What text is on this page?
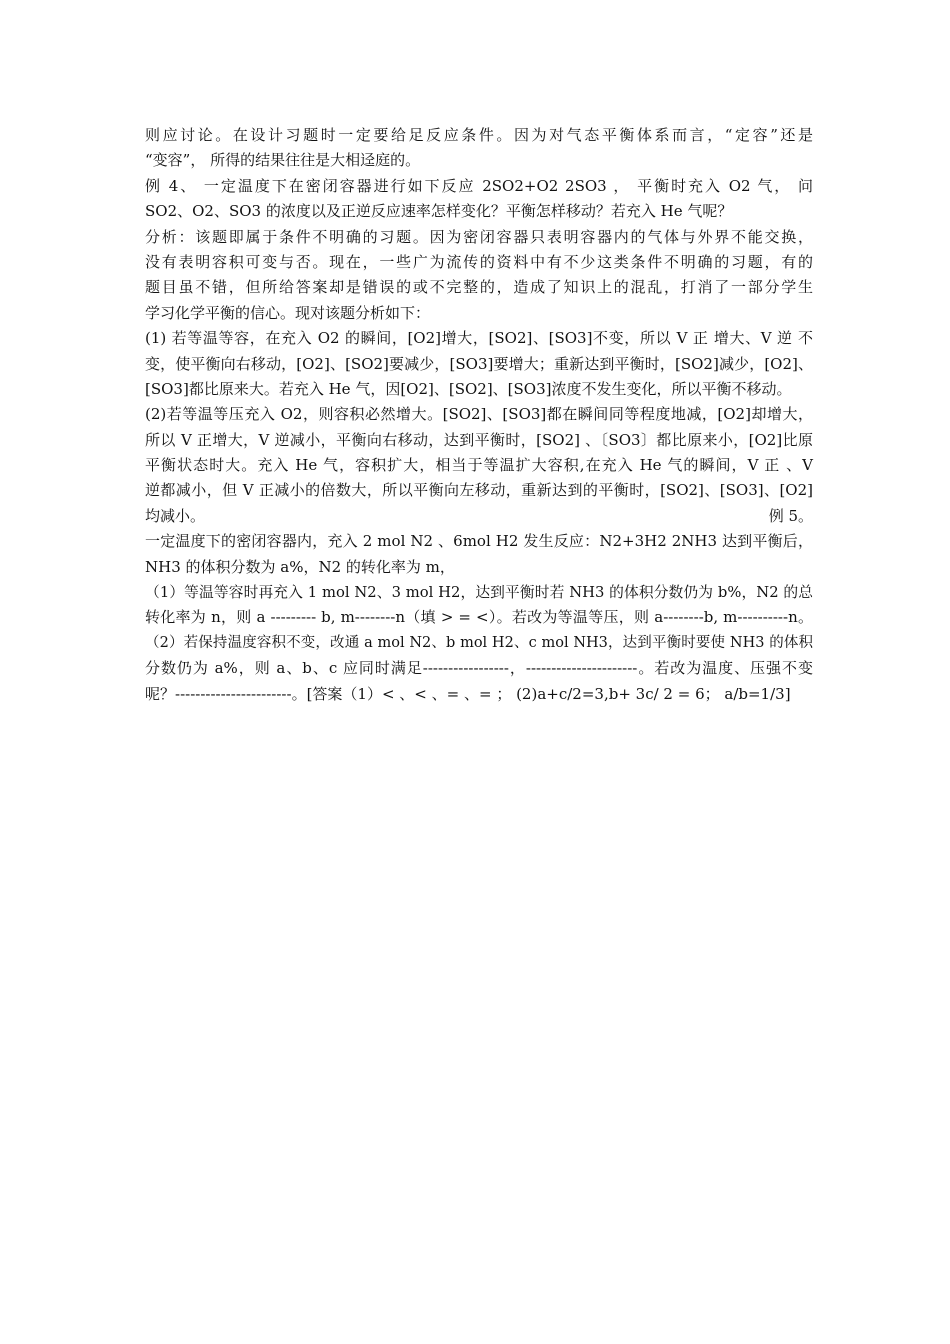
则应讨论。在设计习题时一定要给足反应条件。因为对气态平衡体系而言，“定容”还是
“变容”， 所得的结果往往是大相迳庭的。
例 4、 一定温度下在密闭容器进行如下反应 2SO2+O2 2SO3 ， 平衡时充入 O2 气， 问
SO2、O2、SO3 的浓度以及正逆反应速率怎样变化？平衡怎样移动？若充入 He 气呢？
分析：该题即属于条件不明确的习题。因为密闭容器只表明容器内的气体与外界不能交换，
没有表明容积可变与否。现在，一些广为流传的资料中有不少这类条件不明确的习题，有的
题目虽不错，但所给答案却是错误的或不完整的，造成了知识上的混乱，打消了一部分学生
学习化学平衡的信心。现对该题分析如下：
(1) 若等温等容，在充入 O2 的瞬间，[O2]增大，[SO2]、[SO3]不变，所以 V 正 增大、V 逆 不
变，使平衡向右移动，[O2]、[SO2]要减少，[SO3]要增大；重新达到平衡时，[SO2]减少，[O2]、
[SO3]都比原来大。若充入 He 气，因[O2]、[SO2]、[SO3]浓度不发生变化，所以平衡不移动。
(2)若等温等压充入 O2，则容积必然增大。[SO2]、[SO3]都在瞬间同等程度地减，[O2]却增大，
所以 V 正增大，V 逆减小，平衡向右移动，达到平衡时，[SO2] 、〔SO3〕都比原来小，[O2]比原
平衡状态时大。充入 He 气，容积扩大，相当于等温扩大容积,在充入 He 气的瞬间，V 正 、V
逆都减小，但 V 正减小的倍数大，所以平衡向左移动，重新达到的平衡时，[SO2]、[SO3]、[O2]
均减小。	例 5。
一定温度下的密闭容器内，充入 2 mol N2 、6mol H2 发生反应：N2+3H2 2NH3 达到平衡后，
NH3 的体积分数为 a%，N2 的转化率为 m，
（1）等温等容时再充入 1 mol N2、3 mol H2，达到平衡时若 NH3 的体积分数仍为 b%，N2 的总
转化率为 n，则 a --------- b, m--------n（填 > = <）。若改为等温等压，则 a--------b, m----------n。
（2）若保持温度容积不变，改通 a mol N2、b mol H2、c mol NH3，达到平衡时要使 NH3 的体积
分数仍为 a%，则 a、b、c 应同时满足-----------------，----------------------。若改为温度、压强不变
呢？-----------------------。[答案（1）< 、< 、= 、= ； (2)a+c/2=3,b+ 3c/ 2 = 6； a/b=1/3]
